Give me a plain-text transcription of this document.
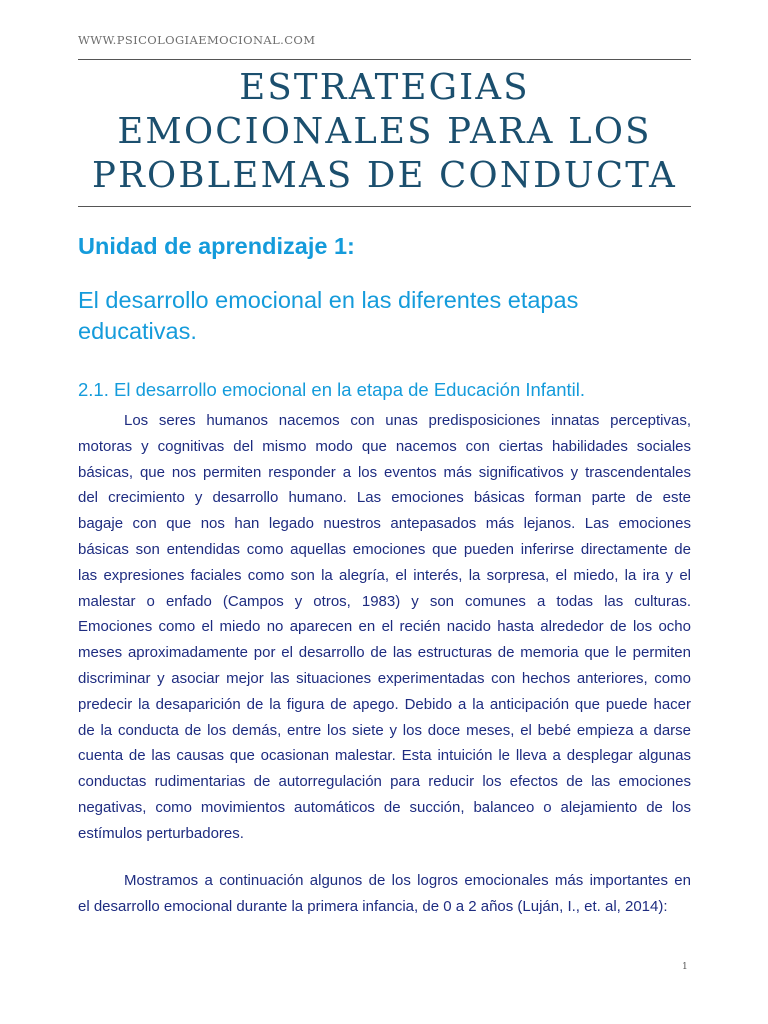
WWW.PSICOLOGIAEMOCIONAL.COM
ESTRATEGIAS
EMOCIONALES PARA LOS
PROBLEMAS DE CONDUCTA
Unidad de aprendizaje 1:
El desarrollo emocional en las diferentes etapas
educativas.
2.1. El desarrollo emocional en la etapa de Educación Infantil.
Los seres humanos nacemos con unas predisposiciones innatas perceptivas,
motoras y cognitivas del mismo modo que nacemos con ciertas habilidades sociales
básicas, que nos permiten responder a los eventos más significativos y trascendentales
del crecimiento y desarrollo humano. Las emociones básicas forman parte de este
bagaje con que nos han legado nuestros antepasados más lejanos. Las emociones
básicas son entendidas como aquellas emociones que pueden inferirse directamente de
las expresiones faciales como son la alegría, el interés, la sorpresa, el miedo, la ira y el
malestar o enfado (Campos y otros, 1983) y son comunes a todas las culturas.
Emociones como el miedo no aparecen en el recién nacido hasta alrededor de los ocho
meses aproximadamente por el desarrollo de las estructuras de memoria que le permiten
discriminar y asociar mejor las situaciones experimentadas con hechos anteriores, como
predecir la desaparición de la figura de apego. Debido a la anticipación que puede hacer
de la conducta de los demás, entre los siete y los doce meses, el bebé empieza a darse
cuenta de las causas que ocasionan malestar. Esta intuición le lleva a desplegar algunas
conductas rudimentarias de autorregulación para reducir los efectos de las emociones
negativas, como movimientos automáticos de succión, balanceo o alejamiento de los
estímulos perturbadores.
Mostramos a continuación algunos de los logros emocionales más importantes en
el desarrollo emocional durante la primera infancia, de 0 a 2 años (Luján, I., et. al, 2014):
1
